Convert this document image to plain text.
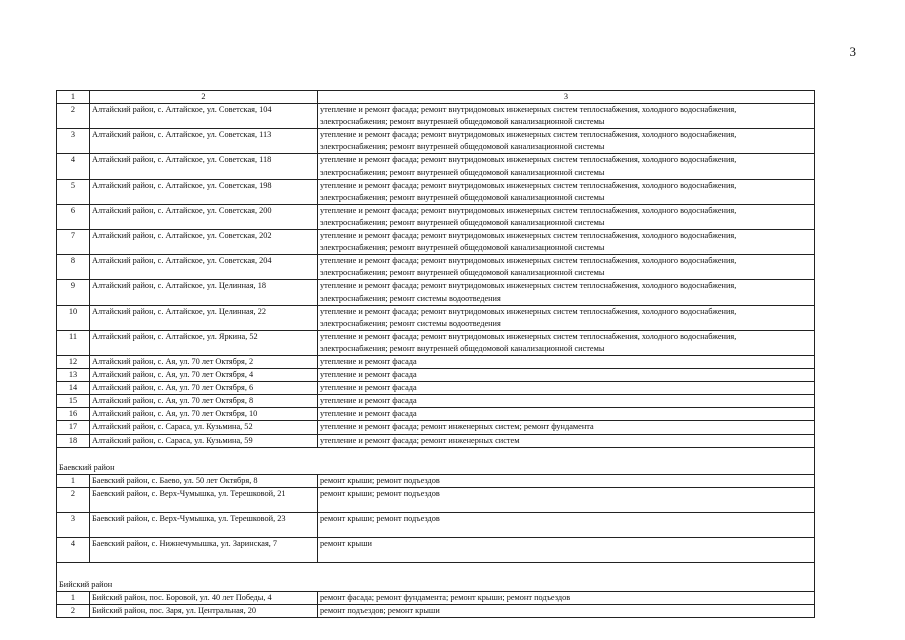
3
1	2	3
2	Алтайский район, с. Алтайское, ул. Советская, 104	утепление и ремонт фасада; ремонт внутридомовых инженерных систем теплоснабжения, холодного водоснабжения,
электроснабжения; ремонт внутренней общедомовой канализационной системы

3	Алтайский район, с. Алтайское, ул. Советская, 113	утепление и ремонт фасада; ремонт внутридомовых инженерных систем теплоснабжения, холодного водоснабжения,
электроснабжения; ремонт внутренней общедомовой канализационной системы

4	Алтайский район, с. Алтайское, ул. Советская, 118	утепление и ремонт фасада; ремонт внутридомовых инженерных систем теплоснабжения, холодного водоснабжения,
электроснабжения; ремонт внутренней общедомовой канализационной системы

5	Алтайский район, с. Алтайское, ул. Советская, 198	утепление и ремонт фасада; ремонт внутридомовых инженерных систем теплоснабжения, холодного водоснабжения,
электроснабжения; ремонт внутренней общедомовой канализационной системы

6	Алтайский район, с. Алтайское, ул. Советская, 200	утепление и ремонт фасада; ремонт внутридомовых инженерных систем теплоснабжения, холодного водоснабжения,
электроснабжения; ремонт внутренней общедомовой канализационной системы

7	Алтайский район, с. Алтайское, ул. Советская, 202	утепление и ремонт фасада; ремонт внутридомовых инженерных систем теплоснабжения, холодного водоснабжения,
электроснабжения; ремонт внутренней общедомовой канализационной системы

8	Алтайский район, с. Алтайское, ул. Советская, 204	утепление и ремонт фасада; ремонт внутридомовых инженерных систем теплоснабжения, холодного водоснабжения,
электроснабжения; ремонт внутренней общедомовой канализационной системы

9	Алтайский район, с. Алтайское, ул. Целинная, 18	утепление и ремонт фасада; ремонт внутридомовых инженерных систем теплоснабжения, холодного водоснабжения,
электроснабжения; ремонт системы водоотведения

10	Алтайский район, с. Алтайское, ул. Целинная, 22	утепление и ремонт фасада; ремонт внутридомовых инженерных систем теплоснабжения, холодного водоснабжения,
электроснабжения; ремонт системы водоотведения

11	Алтайский район, с. Алтайское, ул. Яркина, 52	утепление и ремонт фасада; ремонт внутридомовых инженерных систем теплоснабжения, холодного водоснабжения,
электроснабжения; ремонт внутренней общедомовой канализационной системы

12	Алтайский район, с. Ая, ул. 70 лет Октября, 2	утепление и ремонт фасада

13	Алтайский район, с. Ая, ул. 70 лет Октября, 4	утепление и ремонт фасада

14	Алтайский район, с. Ая, ул. 70 лет Октября, 6	утепление и ремонт фасада

15	Алтайский район, с. Ая, ул. 70 лет Октября, 8	утепление и ремонт фасада

16	Алтайский район, с. Ая, ул. 70 лет Октября, 10	утепление и ремонт фасада

17	Алтайский район, с. Сараса, ул. Кузьмина, 52	утепление и ремонт фасада; ремонт инженерных систем; ремонт фундамента

18	Алтайский район, с. Сараса, ул. Кузьмина, 59	утепление и ремонт фасада; ремонт инженерных систем

Баевский район		
1	Баевский район, с. Баево, ул. 50 лет Октября, 8	ремонт крыши; ремонт подъездов

2	Баевский район, с. Верх-Чумышка, ул. Терешковой, 21	ремонт крыши; ремонт подъездов

3	Баевский район, с. Верх-Чумышка, ул. Терешковой, 23	ремонт крыши; ремонт подъездов

4	Баевский район, с. Нижнечумышка, ул. Заринская, 7	ремонт крыши

Бийский район		
1	Бийский район, пос. Боровой, ул. 40 лет Победы, 4	ремонт фасада; ремонт фундамента; ремонт крыши; ремонт подъездов

2	Бийский район, пос. Заря, ул. Центральная, 20	ремонт подъездов; ремонт крыши
